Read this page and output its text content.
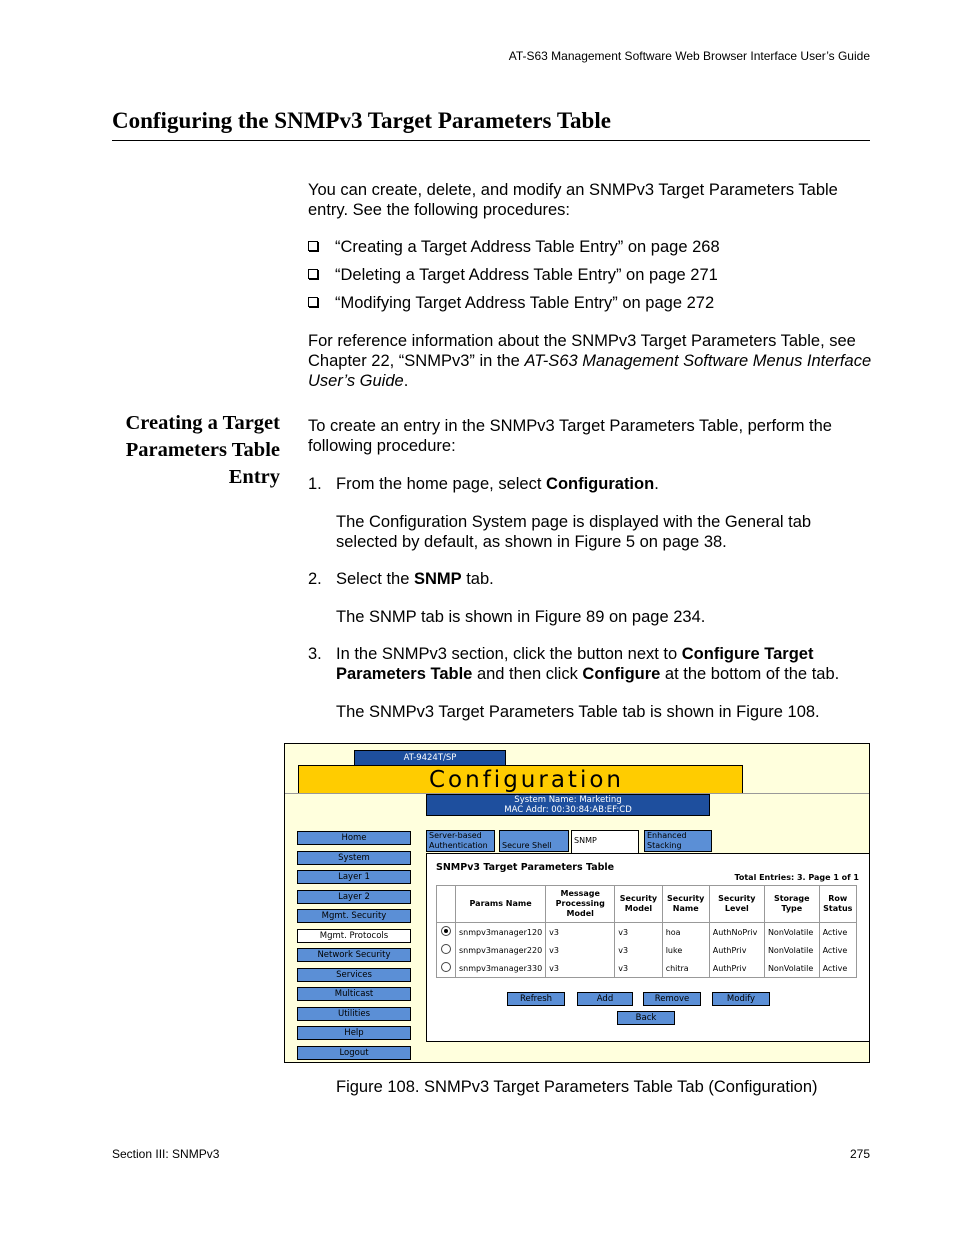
AT-S63 Management Software Web Browser Interface User’s Guide
Configuring the SNMPv3 Target Parameters Table
You can create, delete, and modify an SNMPv3 Target Parameters Table entry. See the following procedures:
“Creating a Target Address Table Entry” on page 268
“Deleting a Target Address Table Entry” on page 271
“Modifying Target Address Table Entry” on page 272
For reference information about the SNMPv3 Target Parameters Table, see Chapter 22, “SNMPv3” in the AT-S63 Management Software Menus Interface User’s Guide.
Creating a Target
Parameters Table
Entry
To create an entry in the SNMPv3 Target Parameters Table, perform the following procedure:
1. From the home page, select Configuration.
The Configuration System page is displayed with the General tab selected by default, as shown in Figure 5 on page 38.
2. Select the SNMP tab.
The SNMP tab is shown in Figure 89 on page 234.
3. In the SNMPv3 section, click the button next to Configure Target Parameters Table and then click Configure at the bottom of the tab.
The SNMPv3 Target Parameters Table tab is shown in Figure 108.
AT-9424T/SP
Configuration
System Name: Marketing
MAC Addr: 00:30:84:AB:EF:CD
Home
System
Layer 1
Layer 2
Mgmt. Security
Mgmt. Protocols
Network Security
Services
Multicast
Utilities
Help
Logout
Server-based
Authentication	Secure Shell
SNMP
Enhanced
Stacking
SNMPv3 Target Parameters Table
Total Entries: 3. Page 1 of 1
	Params Name	Message Processing Model	Security Model	Security Name	Security Level	Storage Type	Row Status
	snmpv3manager120	v3	v3	hoa	AuthNoPriv	NonVolatile	Active
	snmpv3manager220	v3	v3	luke	AuthPriv	NonVolatile	Active
	snmpv3manager330	v3	v3	chitra	AuthPriv	NonVolatile	Active
Refresh	Add	Remove	Modify
Back
Figure 108. SNMPv3 Target Parameters Table Tab (Configuration)
Section III: SNMPv3	275
